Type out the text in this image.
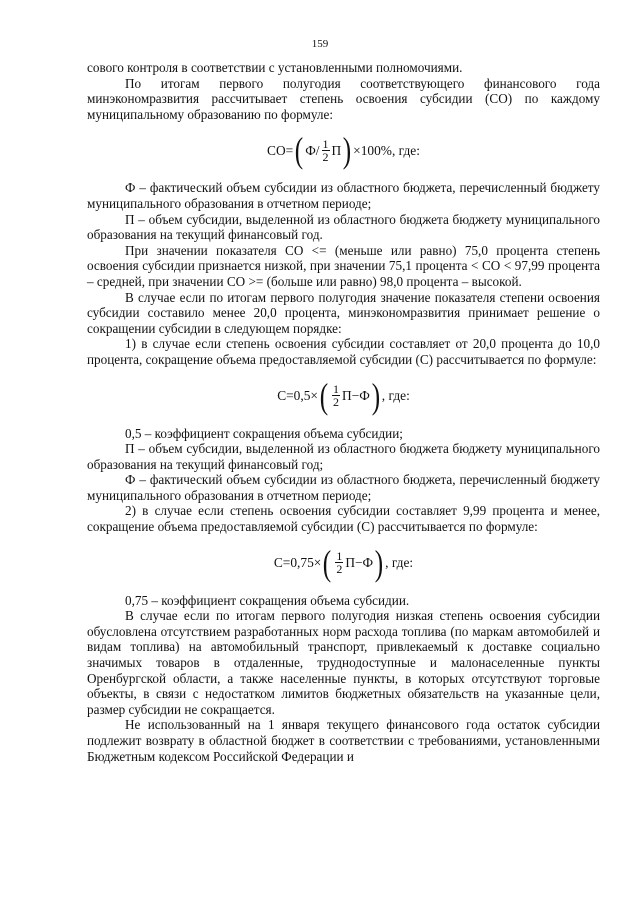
159

сового контроля в соответствии с установленными полномочиями.

По итогам первого полугодия соответствующего финансового года минэкономразвития рассчитывает степень освоения субсидии (СО) по каждому муниципальному образованию по формуле:

СО= ( $Ф/ \frac{1}{2}$ П ) ×100% , где:

Ф – фактический объем субсидии из областного бюджета, перечисленный бюджету муниципального образования в отчетном периоде;

П – объем субсидии, выделенной из областного бюджета бюджету муниципального образования на текущий финансовый год.

При значении показателя СО <= (меньше или равно) 75,0 процента степень освоения субсидии признается низкой, при значении 75,1 процента < СО < 97,99 процента – средней, при значении СО >= (больше или равно) 98,0 процента – высокой.

В случае если по итогам первого полугодия значение показателя степени освоения субсидии составило менее 20,0 процента, минэкономразвития принимает решение о сокращении субсидии в следующем порядке:

1) в случае если степень освоения субсидии составляет от 20,0 процента до 10,0 процента, сокращение объема предоставляемой субсидии (С) рассчитывается по формуле:

С=0,5× ( $\frac{1}{2} П-Ф$ ) , где:

0,5 – коэффициент сокращения объема субсидии;

П – объем субсидии, выделенной из областного бюджета бюджету муниципального образования на текущий финансовый год;

Ф – фактический объем субсидии из областного бюджета, перечисленный бюджету муниципального образования в отчетном периоде;

2) в случае если степень освоения субсидии составляет 9,99 процента и менее, сокращение объема предоставляемой субсидии (С) рассчитывается по формуле:

С=0,75× ( $\frac{1}{2} П-Ф$ ) , где:

0,75 – коэффициент сокращения объема субсидии.

В случае если по итогам первого полугодия низкая степень освоения субсидии обусловлена отсутствием разработанных норм расхода топлива (по маркам автомобилей и видам топлива) на автомобильный транспорт, привлекаемый к доставке социально значимых товаров в отдаленные, труднодоступные и малонаселенные пункты Оренбургской области, а также населенные пункты, в которых отсутствуют торговые объекты, в связи с недостатком лимитов бюджетных обязательств на указанные цели, размер субсидии не сокращается.

Не использованный на 1 января текущего финансового года остаток субсидии подлежит возврату в областной бюджет в соответствии с требованиями, установленными Бюджетным кодексом Российской Федерации и
